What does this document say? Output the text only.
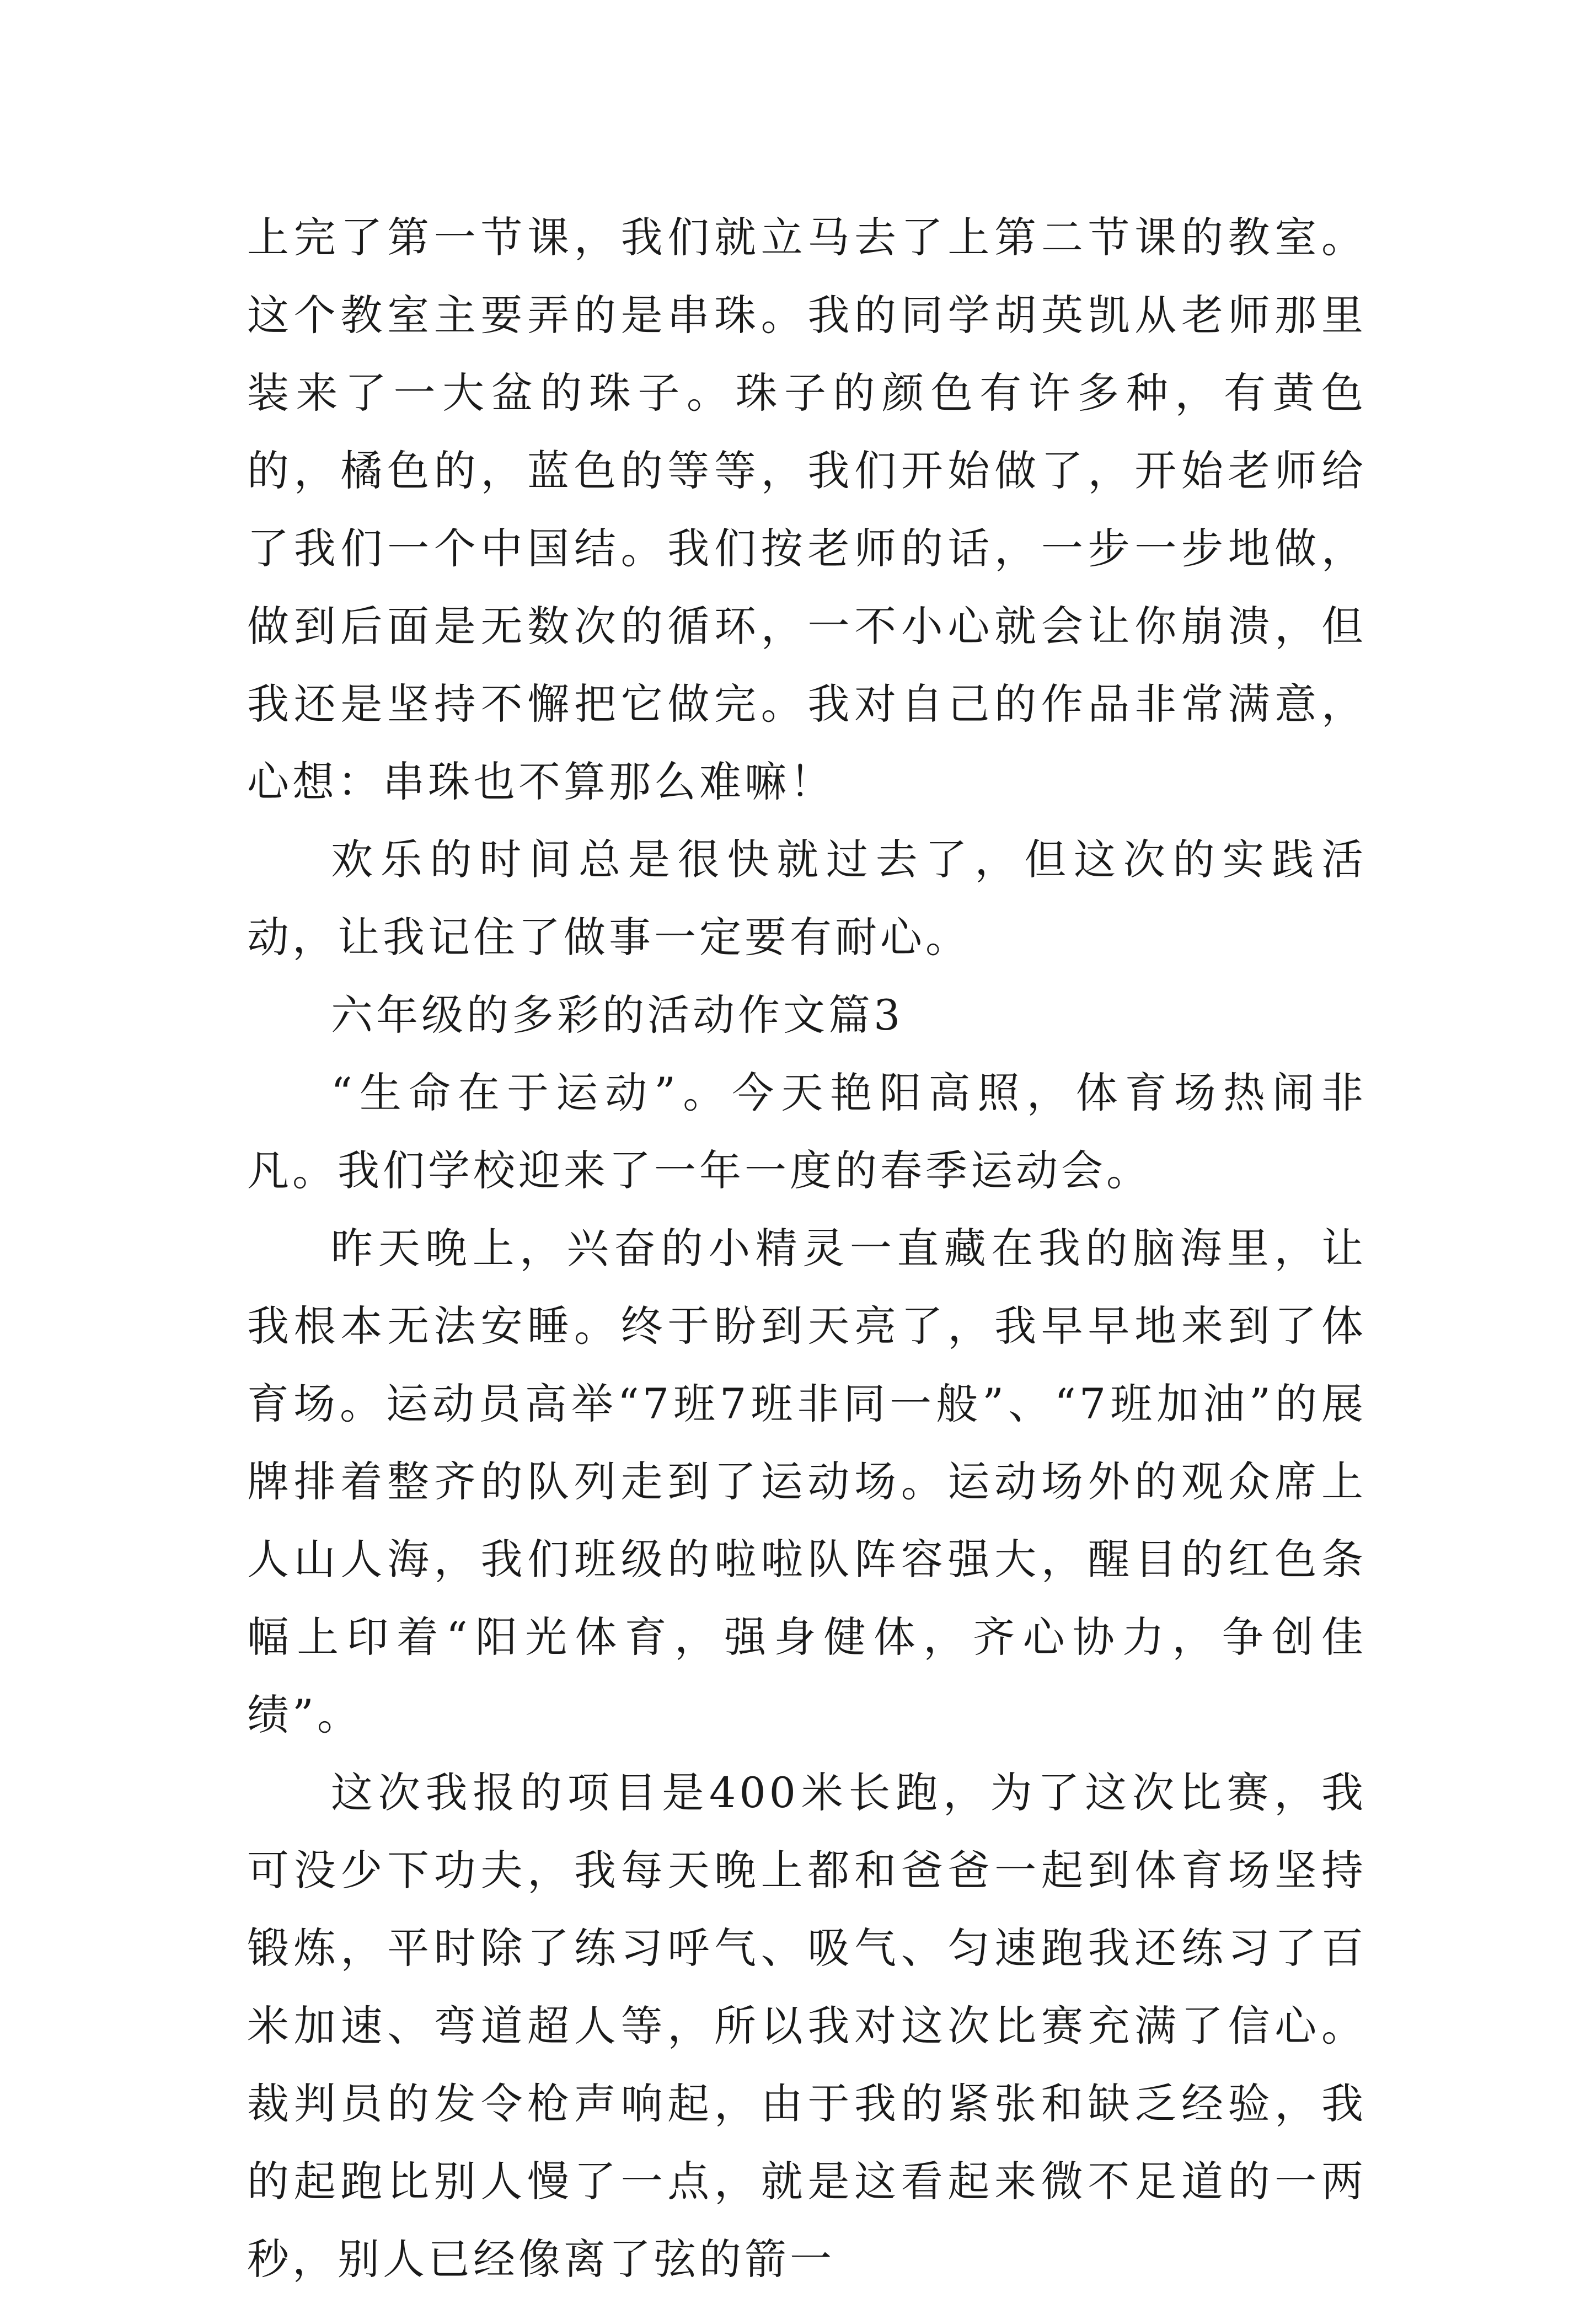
上完了第一节课，我们就立马去了上第二节课的教室。这个教室主要弄的是串珠。我的同学胡英凯从老师那里装来了一大盆的珠子。珠子的颜色有许多种，有黄色的，橘色的，蓝色的等等，我们开始做了，开始老师给了我们一个中国结。我们按老师的话，一步一步地做，做到后面是无数次的循环，一不小心就会让你崩溃，但我还是坚持不懈把它做完。我对自己的作品非常满意，心想：串珠也不算那么难嘛！

欢乐的时间总是很快就过去了，但这次的实践活动，让我记住了做事一定要有耐心。

六年级的多彩的活动作文篇3

“生命在于运动”。今天艳阳高照，体育场热闹非凡。我们学校迎来了一年一度的春季运动会。

昨天晚上，兴奋的小精灵一直藏在我的脑海里，让我根本无法安睡。终于盼到天亮了，我早早地来到了体育场。运动员高举“7班7班非同一般”、“7班加油”的展牌排着整齐的队列走到了运动场。运动场外的观众席上人山人海，我们班级的啦啦队阵容强大，醒目的红色条幅上印着“阳光体育，强身健体，齐心协力，争创佳绩”。

这次我报的项目是400米长跑，为了这次比赛，我可没少下功夫，我每天晚上都和爸爸一起到体育场坚持锻炼，平时除了练习呼气、吸气、匀速跑我还练习了百米加速、弯道超人等，所以我对这次比赛充满了信心。裁判员的发令枪声响起，由于我的紧张和缺乏经验，我的起跑比别人慢了一点，就是这看起来微不足道的一两秒，别人已经像离了弦的箭一
